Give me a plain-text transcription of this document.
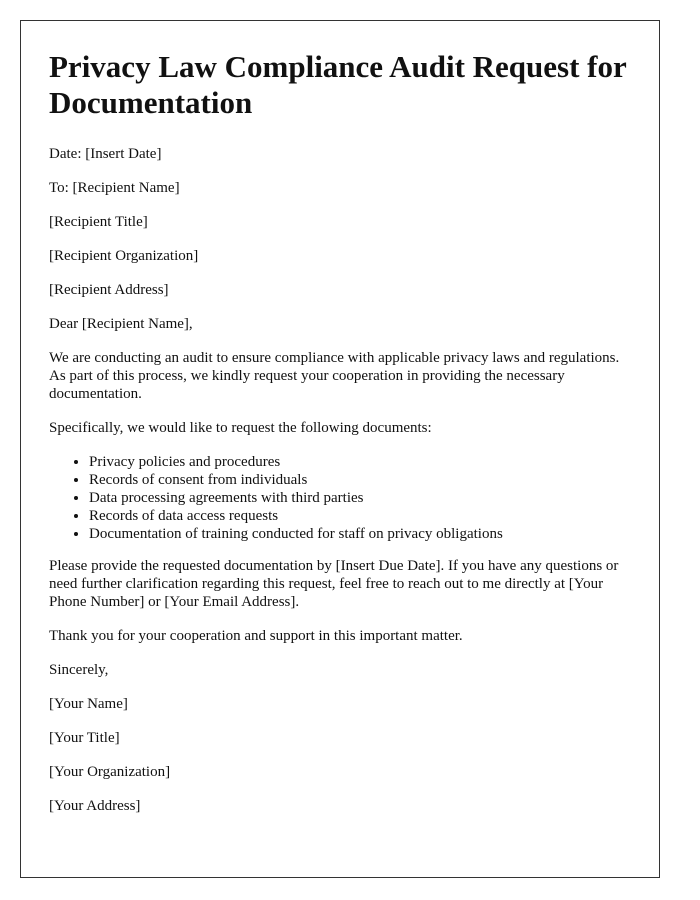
Privacy Law Compliance Audit Request for Documentation

Date: [Insert Date]

To: [Recipient Name]

[Recipient Title]

[Recipient Organization]

[Recipient Address]

Dear [Recipient Name],

We are conducting an audit to ensure compliance with applicable privacy laws and regulations. As part of this process, we kindly request your cooperation in providing the necessary documentation.

Specifically, we would like to request the following documents:

• Privacy policies and procedures
• Records of consent from individuals
• Data processing agreements with third parties
• Records of data access requests
• Documentation of training conducted for staff on privacy obligations

Please provide the requested documentation by [Insert Due Date]. If you have any questions or need further clarification regarding this request, feel free to reach out to me directly at [Your Phone Number] or [Your Email Address].

Thank you for your cooperation and support in this important matter.

Sincerely,

[Your Name]

[Your Title]

[Your Organization]

[Your Address]
